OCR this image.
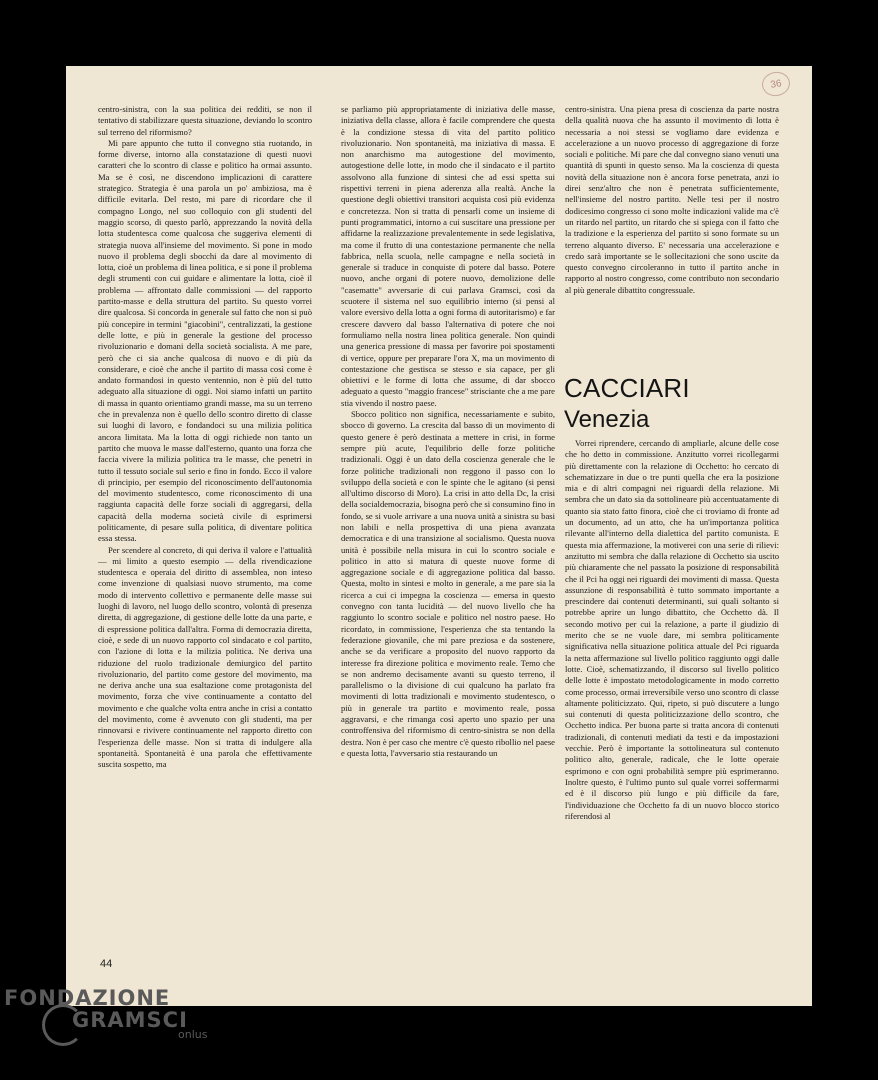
36

centro-sinistra, con la sua politica dei redditi, se non il tentativo di stabilizzare questa situazione, deviando lo scontro sul terreno del riformismo?

Mi pare appunto che tutto il convegno stia ruotando, in forme diverse, intorno alla constatazione di questi nuovi caratteri che lo scontro di classe e politico ha ormai assunto. Ma se è così, ne discendono implicazioni di carattere strategico. Strategia è una parola un po' ambiziosa, ma è difficile evitarla. Del resto, mi pare di ricordare che il compagno Longo, nel suo colloquio con gli studenti del maggio scorso, di questo parlò, apprezzando la novità della lotta studentesca come qualcosa che suggeriva elementi di strategia nuova all'insieme del movimento. Si pone in modo nuovo il problema degli sbocchi da dare al movimento di lotta, cioè un problema di linea politica, e si pone il problema degli strumenti con cui guidare e alimentare la lotta, cioè il problema — affrontato dalle commissioni — del rapporto partito-masse e della struttura del partito. Su questo vorrei dire qualcosa. Si concorda in generale sul fatto che non si può più concepire in termini "giacobini", centralizzati, la gestione delle lotte, e più in generale la gestione del processo rivoluzionario e domani della società socialista. A me pare, però che ci sia anche qualcosa di nuovo e di più da considerare, e cioè che anche il partito di massa così come è andato formandosi in questo ventennio, non è più del tutto adeguato alla situazione di oggi. Noi siamo infatti un partito di massa in quanto orientiamo grandi masse, ma su un terreno che in prevalenza non è quello dello scontro diretto di classe sui luoghi di lavoro, e fondandoci su una milizia politica ancora limitata. Ma la lotta di oggi richiede non tanto un partito che muova le masse dall'esterno, quanto una forza che faccia vivere la milizia politica tra le masse, che penetri in tutto il tessuto sociale sul serio e fino in fondo. Ecco il valore di principio, per esempio del riconoscimento dell'autonomia del movimento studentesco, come riconoscimento di una raggiunta capacità delle forze sociali di aggregarsi, della capacità della moderna società civile di esprimersi politicamente, di pesare sulla politica, di diventare politica essa stessa.

Per scendere al concreto, di qui deriva il valore e l'attualità — mi limito a questo esempio — della rivendicazione studentesca e operaia del diritto di assemblea, non inteso come invenzione di qualsiasi nuovo strumento, ma come modo di intervento collettivo e permanente delle masse sui luoghi di lavoro, nel luogo dello scontro, volontà di presenza diretta, di aggregazione, di gestione delle lotte da una parte, e di espressione politica dall'altra. Forma di democrazia diretta, cioè, e sede di un nuovo rapporto col sindacato e col partito, con l'azione di lotta e la milizia politica. Ne deriva una riduzione del ruolo tradizionale demiurgico del partito rivoluzionario, del partito come gestore del movimento, ma ne deriva anche una sua esaltazione come protagonista del movimento, forza che vive continuamente a contatto del movimento e che qualche volta entra anche in crisi a contatto del movimento, come è avvenuto con gli studenti, ma per rinnovarsi e rivivere continuamente nel rapporto diretto con l'esperienza delle masse. Non si tratta di indulgere alla spontaneità. Spontaneità è una parola che effettivamente suscita sospetto, ma

se parliamo più appropriatamente di iniziativa delle masse, iniziativa della classe, allora è facile comprendere che questa è la condizione stessa di vita del partito politico rivoluzionario. Non spontaneità, ma iniziativa di massa. E non anarchismo ma autogestione del movimento, autogestione delle lotte, in modo che il sindacato e il partito assolvono alla funzione di sintesi che ad essi spetta sui rispettivi terreni in piena aderenza alla realtà. Anche la questione degli obiettivi transitori acquista così più evidenza e concretezza. Non si tratta di pensarli come un insieme di punti programmatici, intorno a cui suscitare una pressione per affidarne la realizzazione prevalentemente in sede legislativa, ma come il frutto di una contestazione permanente che nella fabbrica, nella scuola, nelle campagne e nella società in generale si traduce in conquiste di potere dal basso. Potere nuovo, anche organi di potere nuovo, demolizione delle "casematte" avversarie di cui parlava Gramsci, così da scuotere il sistema nel suo equilibrio interno (si pensi al valore eversivo della lotta a ogni forma di autoritarismo) e far crescere davvero dal basso l'alternativa di potere che noi formuliamo nella nostra linea politica generale. Non quindi una generica pressione di massa per favorire poi spostamenti di vertice, oppure per preparare l'ora X, ma un movimento di contestazione che gestisca se stesso e sia capace, per gli obiettivi e le forme di lotta che assume, di dar sbocco adeguato a questo "maggio francese" strisciante che a me pare stia vivendo il nostro paese.

Sbocco politico non significa, necessariamente e subito, sbocco di governo. La crescita dal basso di un movimento di questo genere è però destinata a mettere in crisi, in forme sempre più acute, l'equilibrio delle forze politiche tradizionali. Oggi è un dato della coscienza generale che le forze politiche tradizionali non reggono il passo con lo sviluppo della società e con le spinte che le agitano (si pensi all'ultimo discorso di Moro). La crisi in atto della Dc, la crisi della socialdemocrazia, bisogna però che si consumino fino in fondo, se si vuole arrivare a una nuova unità a sinistra su basi non labili e nella prospettiva di una piena avanzata democratica e di una transizione al socialismo. Questa nuova unità è possibile nella misura in cui lo scontro sociale e politico in atto si matura di queste nuove forme di aggregazione sociale e di aggregazione politica dal basso. Questa, molto in sintesi e molto in generale, a me pare sia la ricerca a cui ci impegna la coscienza — emersa in questo convegno con tanta lucidità — del nuovo livello che ha raggiunto lo scontro sociale e politico nel nostro paese. Ho ricordato, in commissione, l'esperienza che sta tentando la federazione giovanile, che mi pare preziosa e da sostenere, anche se da verificare a proposito del nuovo rapporto da interesse fra direzione politica e movimento reale. Temo che se non andremo decisamente avanti su questo terreno, il parallelismo o la divisione di cui qualcuno ha parlato fra movimenti di lotta tradizionali e movimento studentesco, o più in generale tra partito e movimento reale, possa aggravarsi, e che rimanga così aperto uno spazio per una controffensiva del riformismo di centro-sinistra se non della destra. Non è per caso che mentre c'è questo ribollio nel paese e questa lotta, l'avversario stia restaurando un

centro-sinistra. Una piena presa di coscienza da parte nostra della qualità nuova che ha assunto il movimento di lotta è necessaria a noi stessi se vogliamo dare evidenza e accelerazione a un nuovo processo di aggregazione di forze sociali e politiche. Mi pare che dal convegno siano venuti una quantità di spunti in questo senso. Ma la coscienza di questa novità della situazione non è ancora forse penetrata, anzi io direi senz'altro che non è penetrata sufficientemente, nell'insieme del nostro partito. Nelle tesi per il nostro dodicesimo congresso ci sono molte indicazioni valide ma c'è un ritardo nel partito, un ritardo che si spiega con il fatto che la tradizione e la esperienza del partito si sono formate su un terreno alquanto diverso. E' necessaria una accelerazione e credo sarà importante se le sollecitazioni che sono uscite da questo convegno circoleranno in tutto il partito anche in rapporto al nostro congresso, come contributo non secondario al più generale dibattito congressuale.

CACCIARI
Venezia

Vorrei riprendere, cercando di ampliarle, alcune delle cose che ho detto in commissione. Anzitutto vorrei ricollegarmi più direttamente con la relazione di Occhetto: ho cercato di schematizzare in due o tre punti quella che era la posizione mia e di altri compagni nei riguardi della relazione. Mi sembra che un dato sia da sottolineare più accentuatamente di quanto sia stato fatto finora, cioè che ci troviamo di fronte ad un documento, ad un atto, che ha un'importanza politica rilevante all'interno della dialettica del partito comunista. E questa mia affermazione, la motiverei con una serie di rilievi: anzitutto mi sembra che dalla relazione di Occhetto sia uscito più chiaramente che nel passato la posizione di responsabilità che il Pci ha oggi nei riguardi dei movimenti di massa. Questa assunzione di responsabilità è tutto sommato importante a prescindere dai contenuti determinanti, sui quali soltanto si potrebbe aprire un lungo dibattito, che Occhetto dà. Il secondo motivo per cui la relazione, a parte il giudizio di merito che se ne vuole dare, mi sembra politicamente significativa nella situazione politica attuale del Pci riguarda la netta affermazione sul livello politico raggiunto oggi dalle lotte. Cioè, schematizzando, il discorso sul livello politico delle lotte è impostato metodologicamente in modo corretto come processo, ormai irreversibile verso uno scontro di classe altamente politicizzato. Qui, ripeto, si può discutere a lungo sui contenuti di questa politicizzazione dello scontro, che Occhetto indica. Per buona parte si tratta ancora di contenuti tradizionali, di contenuti mediati da testi e da impostazioni vecchie. Però è importante la sottolineatura sul contenuto politico alto, generale, radicale, che le lotte operaie esprimono e con ogni probabilità sempre più esprimeranno. Inoltre questo, è l'ultimo punto sul quale vorrei soffermarmi ed è il discorso più lungo e più difficile da fare, l'individuazione che Occhetto fa di un nuovo blocco storico riferendosi al

44
FONDAZIONE
GRAMSCI
onlus
